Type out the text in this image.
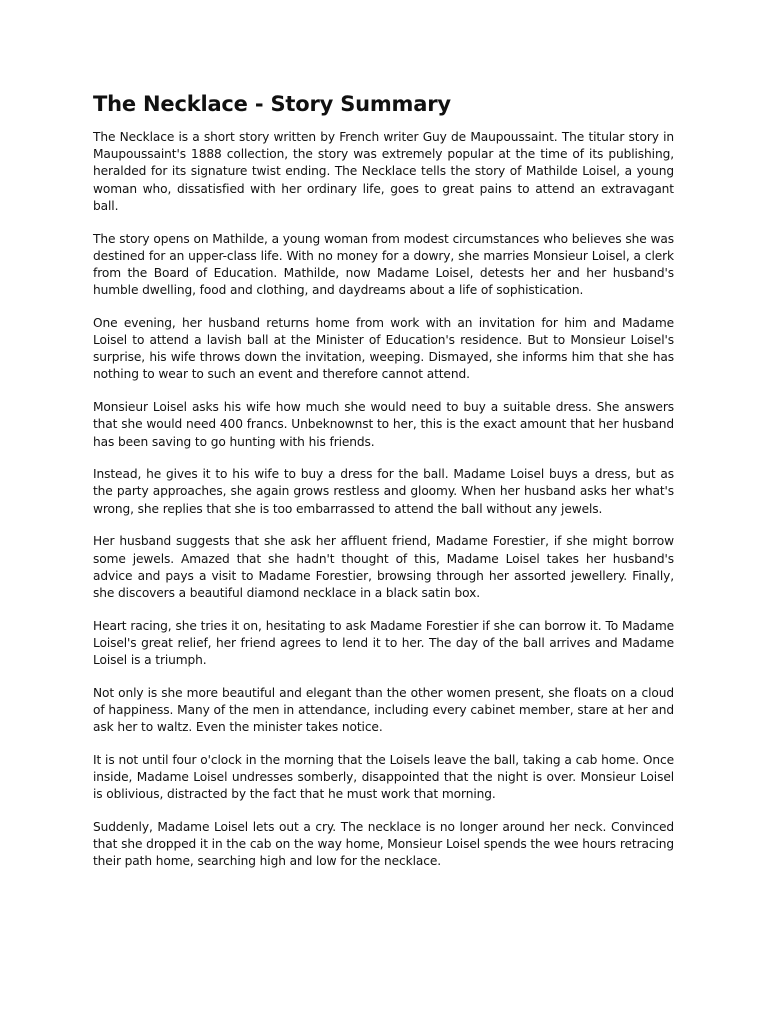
The Necklace - Story Summary

The Necklace is a short story written by French writer Guy de Maupoussaint. The titular story in Maupoussaint's 1888 collection, the story was extremely popular at the time of its publishing, heralded for its signature twist ending. The Necklace tells the story of Mathilde Loisel, a young woman who, dissatisfied with her ordinary life, goes to great pains to attend an extravagant ball.

The story opens on Mathilde, a young woman from modest circumstances who believes she was destined for an upper-class life. With no money for a dowry, she marries Monsieur Loisel, a clerk from the Board of Education. Mathilde, now Madame Loisel, detests her and her husband's humble dwelling, food and clothing, and daydreams about a life of sophistication.

One evening, her husband returns home from work with an invitation for him and Madame Loisel to attend a lavish ball at the Minister of Education's residence. But to Monsieur Loisel's surprise, his wife throws down the invitation, weeping. Dismayed, she informs him that she has nothing to wear to such an event and therefore cannot attend.

Monsieur Loisel asks his wife how much she would need to buy a suitable dress. She answers that she would need 400 francs. Unbeknownst to her, this is the exact amount that her husband has been saving to go hunting with his friends.

Instead, he gives it to his wife to buy a dress for the ball. Madame Loisel buys a dress, but as the party approaches, she again grows restless and gloomy. When her husband asks her what's wrong, she replies that she is too embarrassed to attend the ball without any jewels.

Her husband suggests that she ask her affluent friend, Madame Forestier, if she might borrow some jewels. Amazed that she hadn't thought of this, Madame Loisel takes her husband's advice and pays a visit to Madame Forestier, browsing through her assorted jewellery. Finally, she discovers a beautiful diamond necklace in a black satin box.

Heart racing, she tries it on, hesitating to ask Madame Forestier if she can borrow it. To Madame Loisel's great relief, her friend agrees to lend it to her. The day of the ball arrives and Madame Loisel is a triumph.

Not only is she more beautiful and elegant than the other women present, she floats on a cloud of happiness. Many of the men in attendance, including every cabinet member, stare at her and ask her to waltz. Even the minister takes notice.

It is not until four o'clock in the morning that the Loisels leave the ball, taking a cab home. Once inside, Madame Loisel undresses somberly, disappointed that the night is over. Monsieur Loisel is oblivious, distracted by the fact that he must work that morning.

Suddenly, Madame Loisel lets out a cry. The necklace is no longer around her neck. Convinced that she dropped it in the cab on the way home, Monsieur Loisel spends the wee hours retracing their path home, searching high and low for the necklace.
